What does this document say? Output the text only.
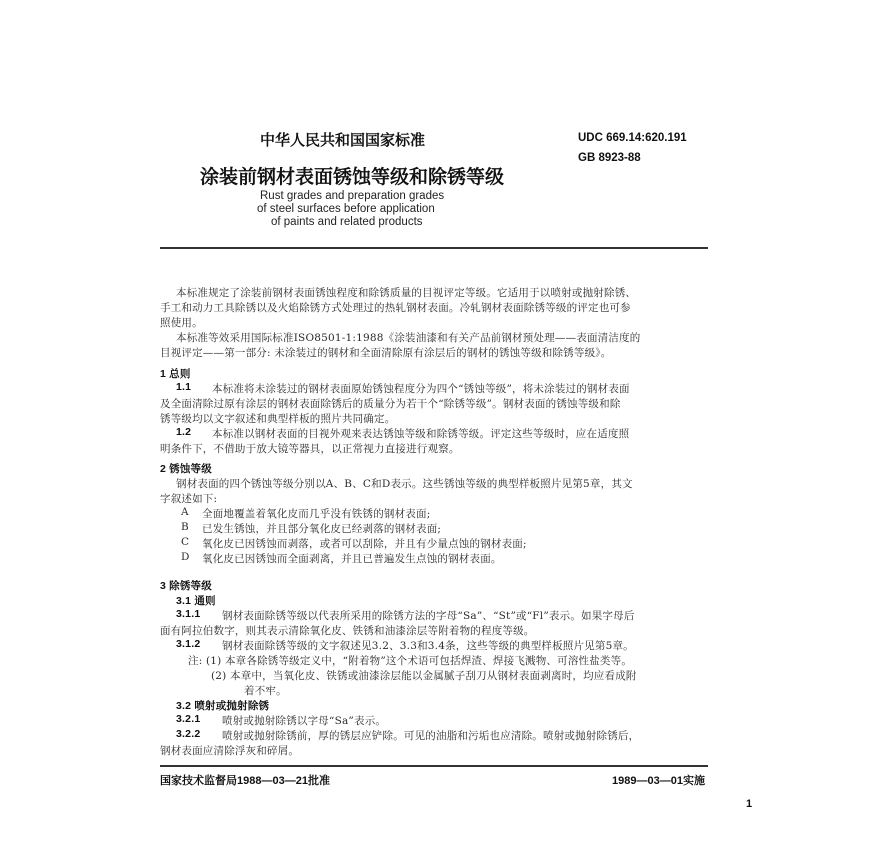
中华人民共和国国家标准	UDC 669.14:620.191
GB 8923-88
涂装前钢材表面锈蚀等级和除锈等级
Rust grades and preparation grades
of steel surfaces before application
of paints and related products
本标准规定了涂装前钢材表面锈蚀程度和除锈质量的目视评定等级。它适用于以喷射或抛射除锈、
手工和动力工具除锈以及火焰除锈方式处理过的热轧钢材表面。冷轧钢材表面除锈等级的评定也可参
照使用。
本标准等效采用国际标准ISO8501-1:1988《涂装油漆和有关产品前钢材预处理——表面清洁度的
目视评定——第一部分: 未涂装过的钢材和全面清除原有涂层后的钢材的锈蚀等级和除锈等级》。
1 总则
1.1 本标准将未涂装过的钢材表面原始锈蚀程度分为四个“锈蚀等级”，将未涂装过的钢材表面
及全面清除过原有涂层的钢材表面除锈后的质量分为若干个“除锈等级”。钢材表面的锈蚀等级和除
锈等级均以文字叙述和典型样板的照片共同确定。
1.2 本标准以钢材表面的目视外观来表达锈蚀等级和除锈等级。评定这些等级时，应在适度照
明条件下，不借助于放大镜等器具，以正常视力直接进行观察。
2 锈蚀等级
钢材表面的四个锈蚀等级分别以A、B、C和D表示。这些锈蚀等级的典型样板照片见第5章，其文
字叙述如下:
A 全面地覆盖着氧化皮而几乎没有铁锈的钢材表面;
B 已发生锈蚀，并且部分氧化皮已经剥落的钢材表面;
C 氧化皮已因锈蚀而剥落，或者可以刮除，并且有少量点蚀的钢材表面;
D 氧化皮已因锈蚀而全面剥离，并且已普遍发生点蚀的钢材表面。
3 除锈等级
3.1 通则
3.1.1 钢材表面除锈等级以代表所采用的除锈方法的字母“Sa”、“St”或“Fl”表示。如果字母后
面有阿拉伯数字，则其表示清除氧化皮、铁锈和油漆涂层等附着物的程度等级。
3.1.2 钢材表面除锈等级的文字叙述见3.2、3.3和3.4条，这些等级的典型样板照片见第5章。
注: (1) 本章各除锈等级定义中，“附着物”这个术语可包括焊渣、焊接飞溅物、可溶性盐类等。
(2) 本章中，当氧化皮、铁锈或油漆涂层能以金属腻子刮刀从钢材表面剥离时，均应看成附
着不牢。
3.2 喷射或抛射除锈
3.2.1 喷射或抛射除锈以字母“Sa”表示。
3.2.2 喷射或抛射除锈前，厚的锈层应铲除。可见的油脂和污垢也应清除。喷射或抛射除锈后，
钢材表面应清除浮灰和碎屑。
国家技术监督局1988—03—21批准	1989—03—01实施
1
